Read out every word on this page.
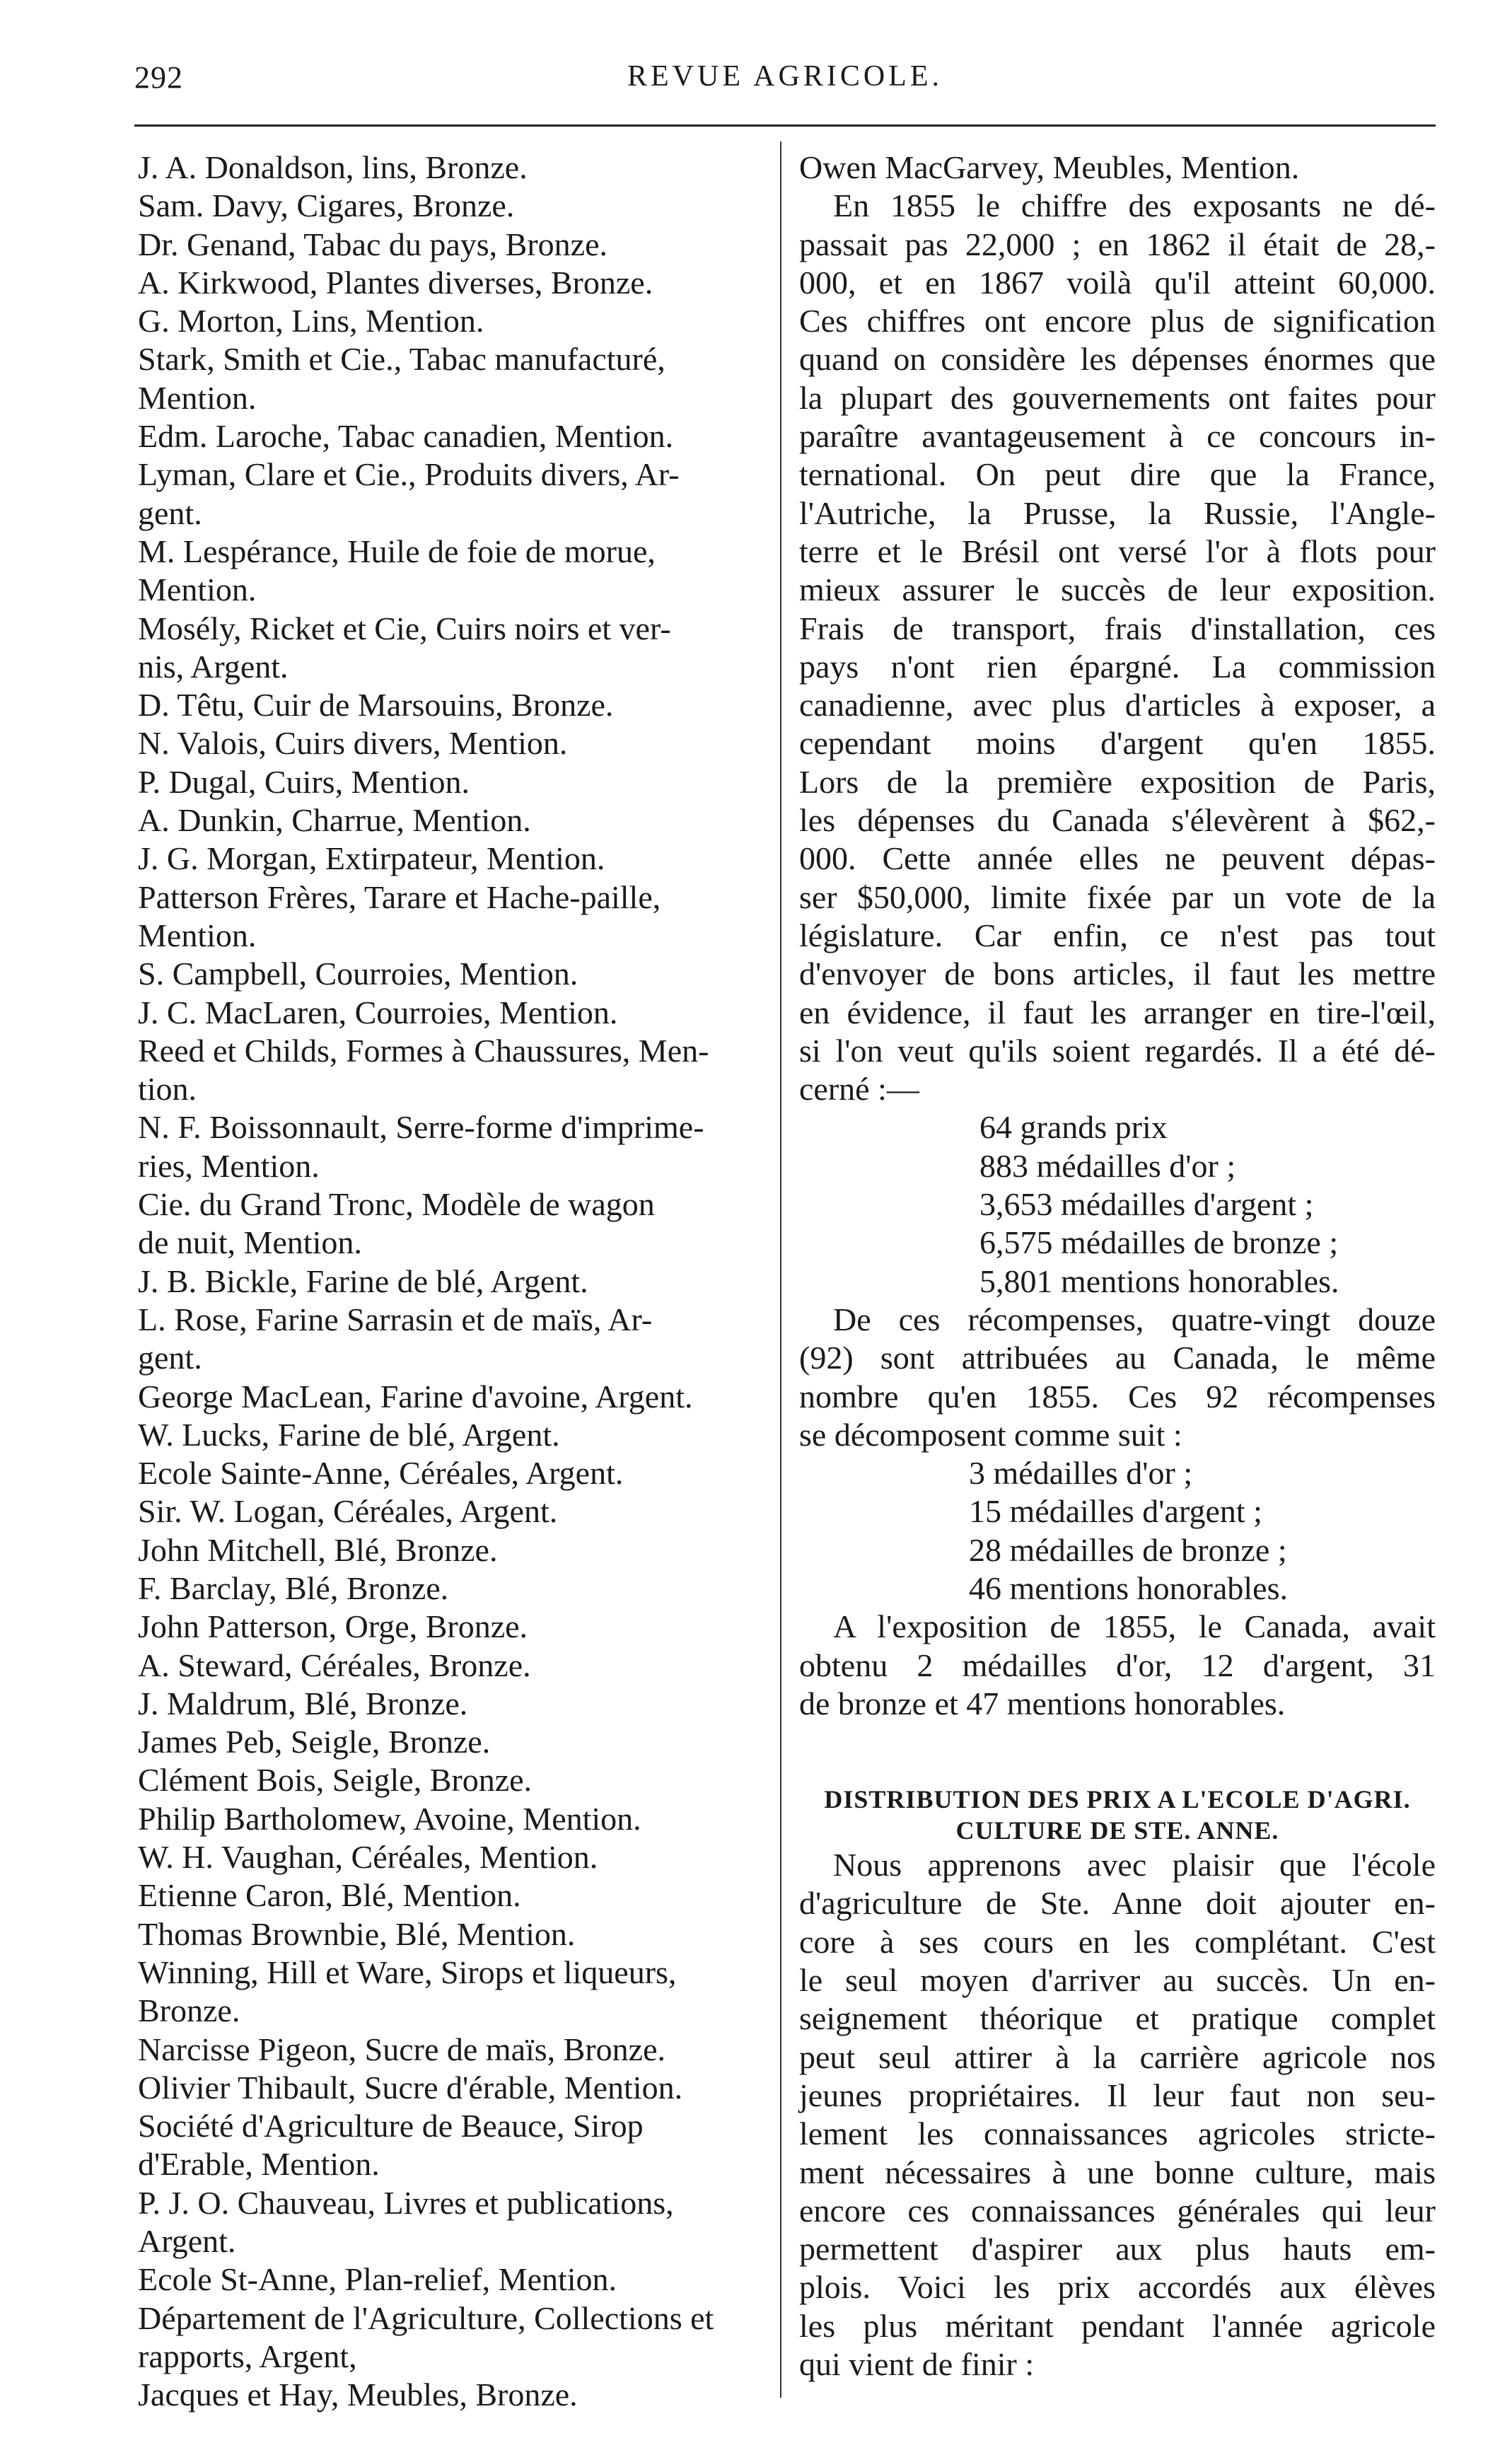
292	REVUE AGRICOLE.
J. A. Donaldson, lins, Bronze.
Sam. Davy, Cigares, Bronze.
Dr. Genand, Tabac du pays, Bronze.
A. Kirkwood, Plantes diverses, Bronze.
G. Morton, Lins, Mention.
Stark, Smith et Cie., Tabac manufacturé,
Mention.
Edm. Laroche, Tabac canadien, Mention.
Lyman, Clare et Cie., Produits divers, Ar-
gent.
M. Lespérance, Huile de foie de morue,
Mention.
Mosély, Ricket et Cie, Cuirs noirs et ver-
nis, Argent.
D. Têtu, Cuir de Marsouins, Bronze.
N. Valois, Cuirs divers, Mention.
P. Dugal, Cuirs, Mention.
A. Dunkin, Charrue, Mention.
J. G. Morgan, Extirpateur, Mention.
Patterson Frères, Tarare et Hache-paille,
Mention.
S. Campbell, Courroies, Mention.
J. C. MacLaren, Courroies, Mention.
Reed et Childs, Formes à Chaussures, Men-
tion.
N. F. Boissonnault, Serre-forme d'imprime-
ries, Mention.
Cie. du Grand Tronc, Modèle de wagon
de nuit, Mention.
J. B. Bickle, Farine de blé, Argent.
L. Rose, Farine Sarrasin et de maïs, Ar-
gent.
George MacLean, Farine d'avoine, Argent.
W. Lucks, Farine de blé, Argent.
Ecole Sainte-Anne, Céréales, Argent.
Sir. W. Logan, Céréales, Argent.
John Mitchell, Blé, Bronze.
F. Barclay, Blé, Bronze.
John Patterson, Orge, Bronze.
A. Steward, Céréales, Bronze.
J. Maldrum, Blé, Bronze.
James Peb, Seigle, Bronze.
Clément Bois, Seigle, Bronze.
Philip Bartholomew, Avoine, Mention.
W. H. Vaughan, Céréales, Mention.
Etienne Caron, Blé, Mention.
Thomas Brownbie, Blé, Mention.
Winning, Hill et Ware, Sirops et liqueurs,
Bronze.
Narcisse Pigeon, Sucre de maïs, Bronze.
Olivier Thibault, Sucre d'érable, Mention.
Société d'Agriculture de Beauce, Sirop
d'Erable, Mention.
P. J. O. Chauveau, Livres et publications,
Argent.
Ecole St-Anne, Plan-relief, Mention.
Département de l'Agriculture, Collections et
rapports, Argent,
Jacques et Hay, Meubles, Bronze.
Owen MacGarvey, Meubles, Mention.
En 1855 le chiffre des exposants ne dé-
passait pas 22,000 ; en 1862 il était de 28,-
000, et en 1867 voilà qu'il atteint 60,000.
Ces chiffres ont encore plus de signification
quand on considère les dépenses énormes que
la plupart des gouvernements ont faites pour
paraître avantageusement à ce concours in-
ternational. On peut dire que la France,
l'Autriche, la Prusse, la Russie, l'Angle-
terre et le Brésil ont versé l'or à flots pour
mieux assurer le succès de leur exposition.
Frais de transport, frais d'installation, ces
pays n'ont rien épargné. La commission
canadienne, avec plus d'articles à exposer, a
cependant moins d'argent qu'en 1855.
Lors de la première exposition de Paris,
les dépenses du Canada s'élevèrent à $62,-
000. Cette année elles ne peuvent dépas-
ser $50,000, limite fixée par un vote de la
législature. Car enfin, ce n'est pas tout
d'envoyer de bons articles, il faut les mettre
en évidence, il faut les arranger en tire-l'œil,
si l'on veut qu'ils soient regardés. Il a été dé-
cerné :—
64 grands prix
883 médailles d'or ;
3,653 médailles d'argent ;
6,575 médailles de bronze ;
5,801 mentions honorables.
De ces récompenses, quatre-vingt douze
(92) sont attribuées au Canada, le même
nombre qu'en 1855. Ces 92 récompenses
se décomposent comme suit :
3 médailles d'or ;
15 médailles d'argent ;
28 médailles de bronze ;
46 mentions honorables.
A l'exposition de 1855, le Canada, avait
obtenu 2 médailles d'or, 12 d'argent, 31
de bronze et 47 mentions honorables.
DISTRIBUTION DES PRIX A L'ECOLE D'AGRI.
CULTURE DE STE. ANNE.
Nous apprenons avec plaisir que l'école
d'agriculture de Ste. Anne doit ajouter en-
core à ses cours en les complétant. C'est
le seul moyen d'arriver au succès. Un en-
seignement théorique et pratique complet
peut seul attirer à la carrière agricole nos
jeunes propriétaires. Il leur faut non seu-
lement les connaissances agricoles stricte-
ment nécessaires à une bonne culture, mais
encore ces connaissances générales qui leur
permettent d'aspirer aux plus hauts em-
plois. Voici les prix accordés aux élèves
les plus méritant pendant l'année agricole
qui vient de finir :
